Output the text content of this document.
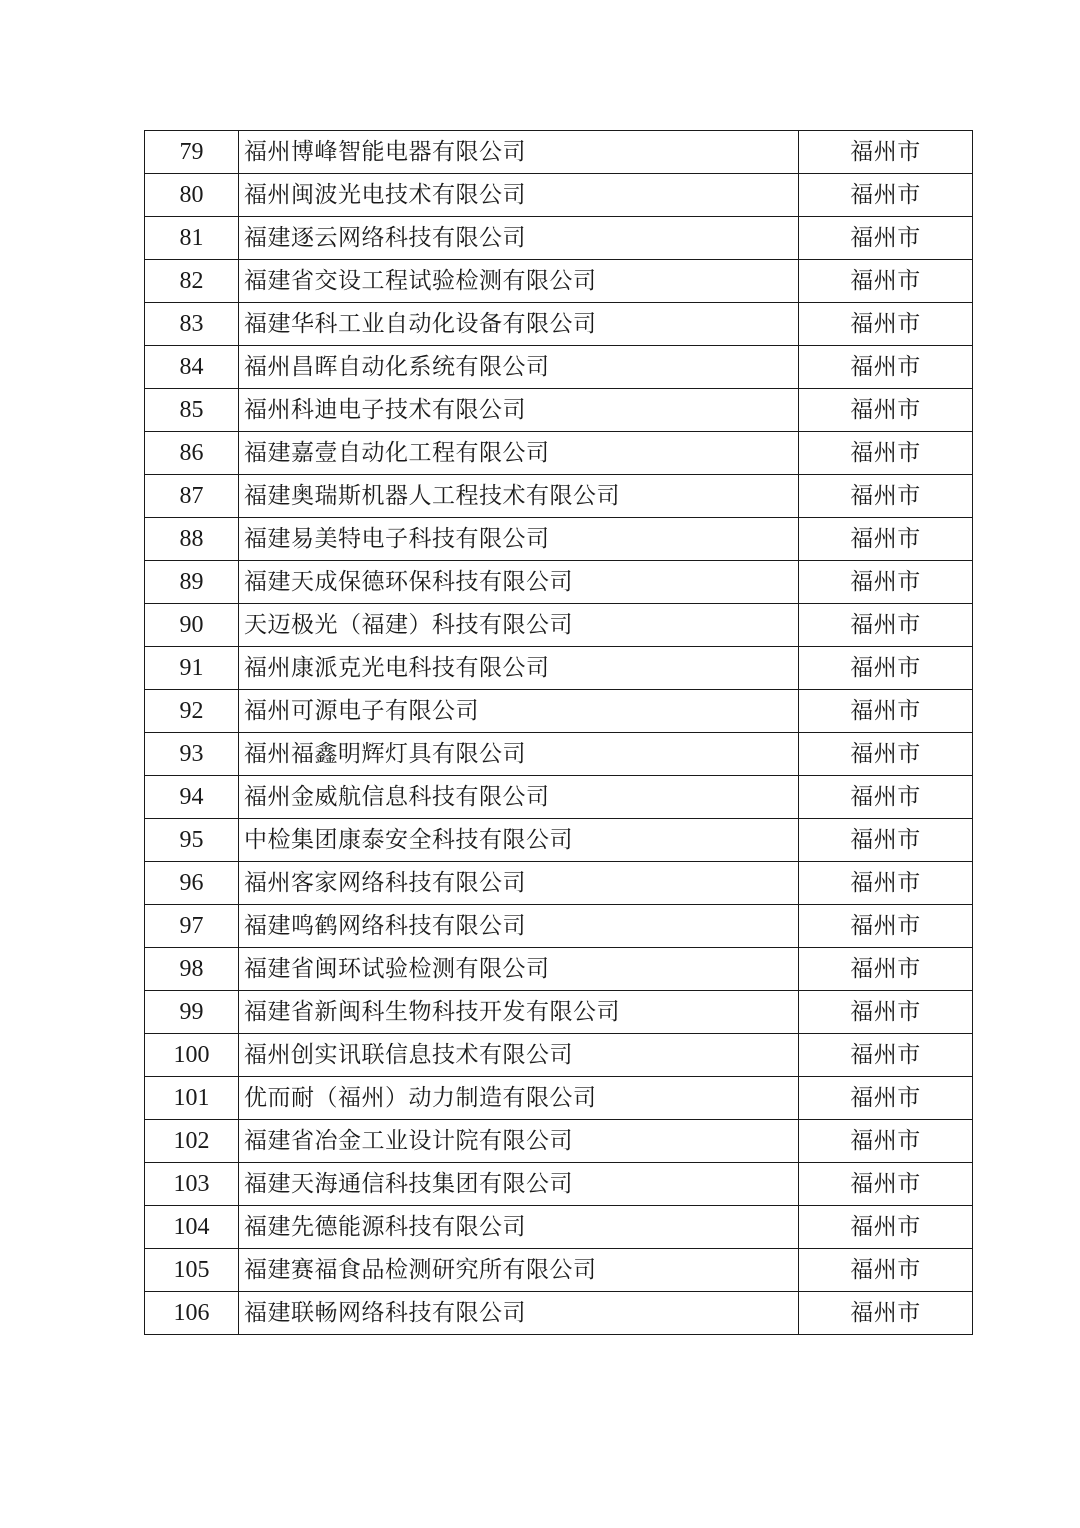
79	福州博峰智能电器有限公司	福州市
80	福州闽波光电技术有限公司	福州市
81	福建逐云网络科技有限公司	福州市
82	福建省交设工程试验检测有限公司	福州市
83	福建华科工业自动化设备有限公司	福州市
84	福州昌晖自动化系统有限公司	福州市
85	福州科迪电子技术有限公司	福州市
86	福建嘉壹自动化工程有限公司	福州市
87	福建奥瑞斯机器人工程技术有限公司	福州市
88	福建易美特电子科技有限公司	福州市
89	福建天成保德环保科技有限公司	福州市
90	天迈极光（福建）科技有限公司	福州市
91	福州康派克光电科技有限公司	福州市
92	福州可源电子有限公司	福州市
93	福州福鑫明辉灯具有限公司	福州市
94	福州金威航信息科技有限公司	福州市
95	中检集团康泰安全科技有限公司	福州市
96	福州客家网络科技有限公司	福州市
97	福建鸣鹤网络科技有限公司	福州市
98	福建省闽环试验检测有限公司	福州市
99	福建省新闽科生物科技开发有限公司	福州市
100	福州创实讯联信息技术有限公司	福州市
101	优而耐（福州）动力制造有限公司	福州市
102	福建省冶金工业设计院有限公司	福州市
103	福建天海通信科技集团有限公司	福州市
104	福建先德能源科技有限公司	福州市
105	福建赛福食品检测研究所有限公司	福州市
106	福建联畅网络科技有限公司	福州市
